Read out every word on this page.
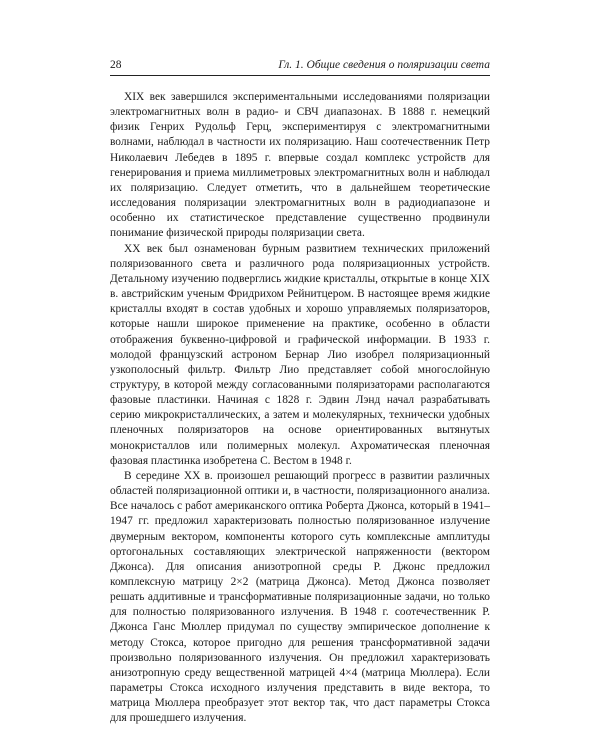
28	Гл. 1. Общие сведения о поляризации света

XIX век завершился экспериментальными исследованиями поляризации электромагнитных волн в радио- и СВЧ диапазонах. В 1888 г. немецкий физик Генрих Рудольф Герц, экспериментируя с электромагнитными волнами, наблюдал в частности их поляризацию. Наш соотечественник Петр Николаевич Лебедев в 1895 г. впервые создал комплекс устройств для генерирования и приема миллиметровых электромагнитных волн и наблюдал их поляризацию. Следует отметить, что в дальнейшем теоретические исследования поляризации электромагнитных волн в радиодиапазоне и особенно их статистическое представление существенно продвинули понимание физической природы поляризации света.

XX век был ознаменован бурным развитием технических приложений поляризованного света и различного рода поляризационных устройств. Детальному изучению подверглись жидкие кристаллы, открытые в конце XIX в. австрийским ученым Фридрихом Рейнитцером. В настоящее время жидкие кристаллы входят в состав удобных и хорошо управляемых поляризаторов, которые нашли широкое применение на практике, особенно в области отображения буквенно-цифровой и графической информации. В 1933 г. молодой французский астроном Бернар Лио изобрел поляризационный узкополосный фильтр. Фильтр Лио представляет собой многослойную структуру, в которой между согласованными поляризаторами располагаются фазовые пластинки. Начиная с 1828 г. Эдвин Лэнд начал разрабатывать серию микрокристаллических, а затем и молекулярных, технически удобных пленочных поляризаторов на основе ориентированных вытянутых монокристаллов или полимерных молекул. Ахроматическая пленочная фазовая пластинка изобретена С. Вестом в 1948 г.

В середине XX в. произошел решающий прогресс в развитии различных областей поляризационной оптики и, в частности, поляризационного анализа. Все началось с работ американского оптика Роберта Джонса, который в 1941–1947 гг. предложил характеризовать полностью поляризованное излучение двумерным вектором, компоненты которого суть комплексные амплитуды ортогональных составляющих электрической напряженности (вектором Джонса). Для описания анизотропной среды Р. Джонс предложил комплексную матрицу 2×2 (матрица Джонса). Метод Джонса позволяет решать аддитивные и трансформативные поляризационные задачи, но только для полностью поляризованного излучения. В 1948 г. соотечественник Р. Джонса Ганс Мюллер придумал по существу эмпирическое дополнение к методу Стокса, которое пригодно для решения трансформативной задачи произвольно поляризованного излучения. Он предложил характеризовать анизотропную среду вещественной матрицей 4×4 (матрица Мюллера). Если параметры Стокса исходного излучения представить в виде вектора, то матрица Мюллера преобразует этот вектор так, что даст параметры Стокса для прошедшего излучения.
